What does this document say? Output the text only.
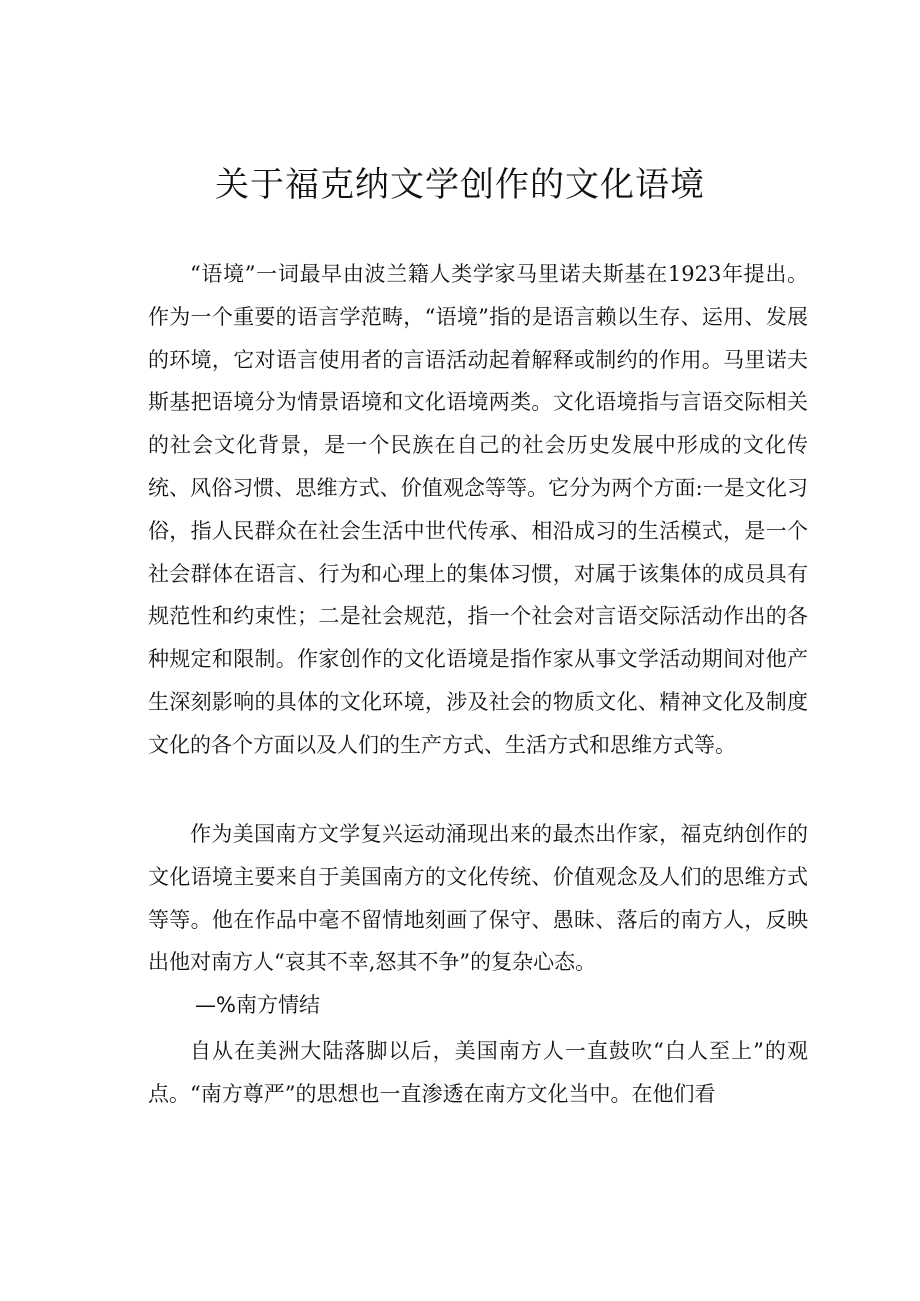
关于福克纳文学创作的文化语境

“语境”一词最早由波兰籍人类学家马里诺夫斯基在1923年提出。作为一个重要的语言学范畴，“语境”指的是语言赖以生存、运用、发展的环境，它对语言使用者的言语活动起着解释或制约的作用。马里诺夫斯基把语境分为情景语境和文化语境两类。文化语境指与言语交际相关的社会文化背景，是一个民族在自己的社会历史发展中形成的文化传统、风俗习惯、思维方式、价值观念等等。它分为两个方面:一是文化习俗，指人民群众在社会生活中世代传承、相沿成习的生活模式，是一个社会群体在语言、行为和心理上的集体习惯，对属于该集体的成员具有规范性和约束性；二是社会规范，指一个社会对言语交际活动作出的各种规定和限制。作家创作的文化语境是指作家从事文学活动期间对他产生深刻影响的具体的文化环境，涉及社会的物质文化、精神文化及制度文化的各个方面以及人们的生产方式、生活方式和思维方式等。

作为美国南方文学复兴运动涌现出来的最杰出作家，福克纳创作的文化语境主要来自于美国南方的文化传统、价值观念及人们的思维方式等等。他在作品中毫不留情地刻画了保守、愚昧、落后的南方人，反映出他对南方人“哀其不幸,怒其不争”的复杂心态。

—%南方情结

自从在美洲大陆落脚以后，美国南方人一直鼓吹“白人至上”的观点。“南方尊严”的思想也一直渗透在南方文化当中。在他们看
